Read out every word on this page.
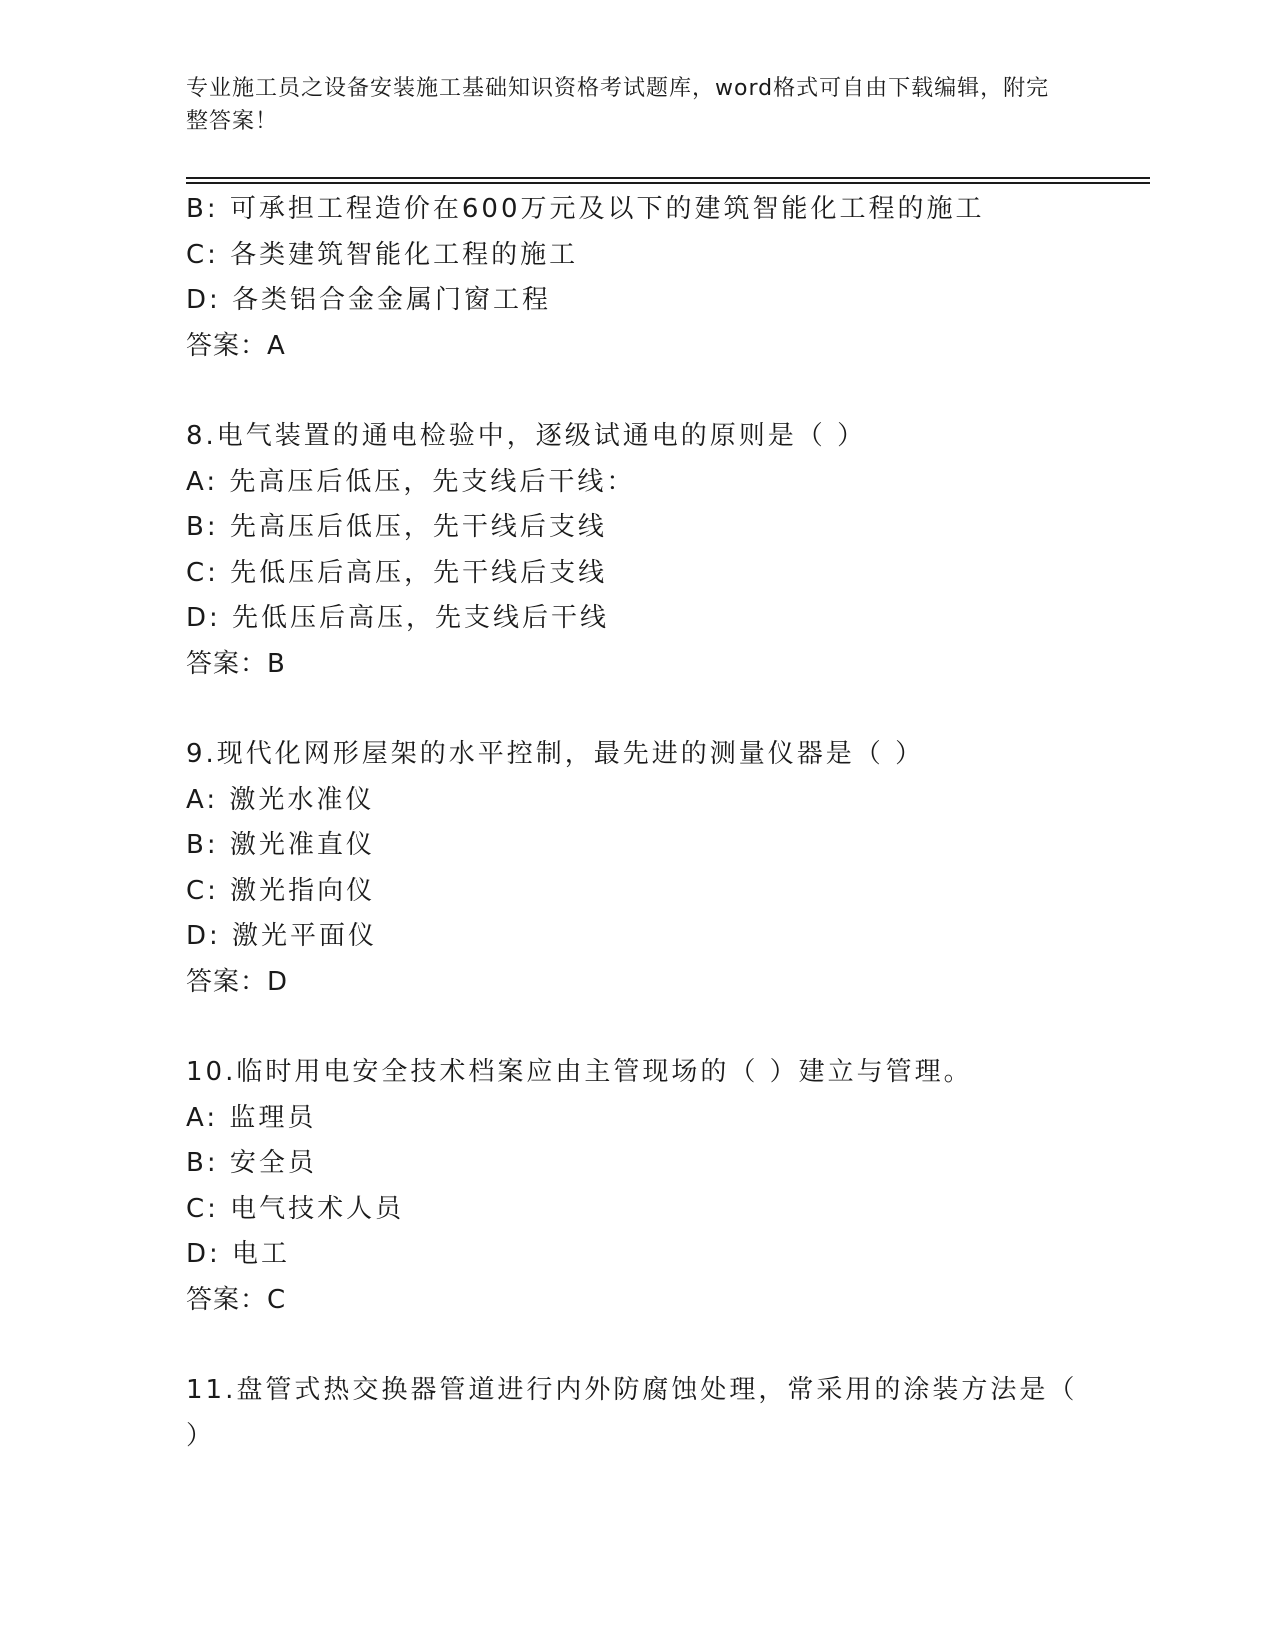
专业施工员之设备安装施工基础知识资格考试题库，word格式可自由下载编辑，附完整答案！
B: 可承担工程造价在600万元及以下的建筑智能化工程的施工
C: 各类建筑智能化工程的施工
D: 各类铝合金金属门窗工程
答案：A
8.电气装置的通电检验中，逐级试通电的原则是（ ）
A: 先高压后低压，先支线后干线：
B: 先高压后低压，先干线后支线
C: 先低压后高压，先干线后支线
D: 先低压后高压，先支线后干线
答案：B
9.现代化网形屋架的水平控制，最先进的测量仪器是（ ）
A: 激光水准仪
B: 激光准直仪
C: 激光指向仪
D: 激光平面仪
答案：D
10.临时用电安全技术档案应由主管现场的（ ）建立与管理。
A: 监理员
B: 安全员
C: 电气技术人员
D: 电工
答案：C
11.盘管式热交换器管道进行内外防腐蚀处理，常采用的涂装方法是（ ）
